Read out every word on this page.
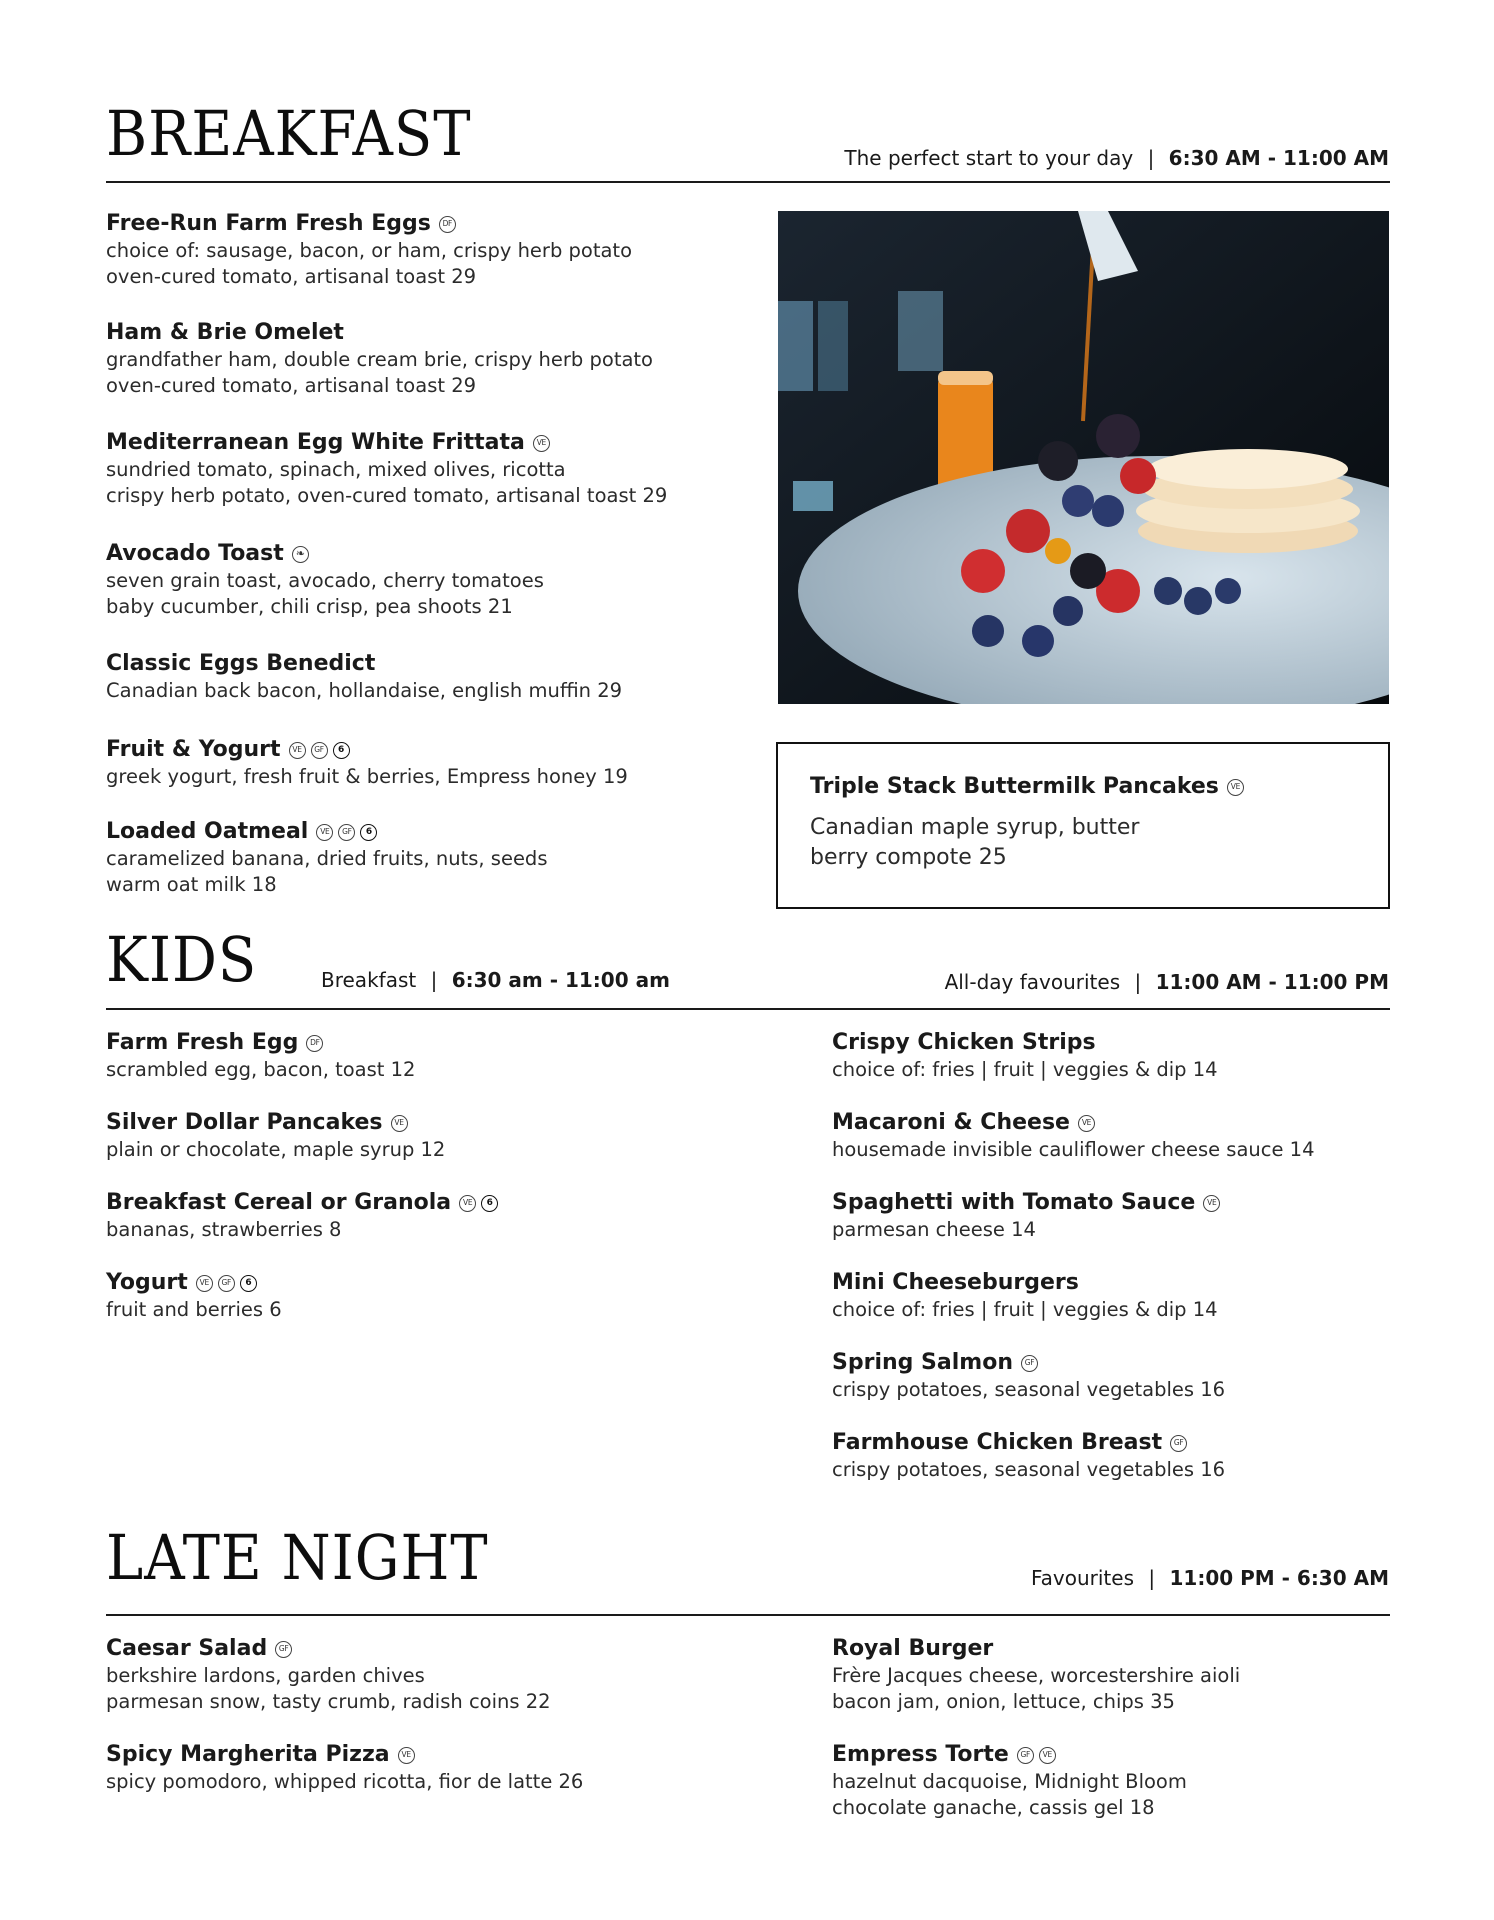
BREAKFAST	The perfect start to your day | 6:30 AM - 11:00 AM
Free-Run Farm Fresh Eggs	DF
choice of: sausage, bacon, or ham, crispy herb potato
oven-cured tomato, artisanal toast 29
Ham & Brie Omelet
grandfather ham, double cream brie, crispy herb potato
oven-cured tomato, artisanal toast 29
Mediterranean Egg White Frittata	VE
sundried tomato, spinach, mixed olives, ricotta
crispy herb potato, oven-cured tomato, artisanal toast 29
Avocado Toast	❧
seven grain toast, avocado, cherry tomatoes
baby cucumber, chili crisp, pea shoots 21
Classic Eggs Benedict
Canadian back bacon, hollandaise, english muffin 29
Fruit & Yogurt	VE	GF	6
greek yogurt, fresh fruit & berries, Empress honey 19
Loaded Oatmeal	VE	GF	6
caramelized banana, dried fruits, nuts, seeds
warm oat milk 18
Triple Stack Buttermilk Pancakes	VE
Canadian maple syrup, butter
berry compote 25
KIDS	Breakfast | 6:30 am - 11:00 am	All-day favourites | 11:00 AM - 11:00 PM
Farm Fresh Egg	DF
scrambled egg, bacon, toast 12
Silver Dollar Pancakes	VE
plain or chocolate, maple syrup 12
Breakfast Cereal or Granola	VE	6
bananas, strawberries 8
Yogurt	VE	GF	6
fruit and berries 6
Crispy Chicken Strips
choice of: fries | fruit | veggies & dip 14
Macaroni & Cheese	VE
housemade invisible cauliflower cheese sauce 14
Spaghetti with Tomato Sauce	VE
parmesan cheese 14
Mini Cheeseburgers
choice of: fries | fruit | veggies & dip 14
Spring Salmon	GF
crispy potatoes, seasonal vegetables 16
Farmhouse Chicken Breast	GF
crispy potatoes, seasonal vegetables 16
LATE NIGHT	Favourites | 11:00 PM - 6:30 AM
Caesar Salad	GF
berkshire lardons, garden chives
parmesan snow, tasty crumb, radish coins 22
Spicy Margherita Pizza	VE
spicy pomodoro, whipped ricotta, fior de latte 26
Royal Burger
Frère Jacques cheese, worcestershire aioli
bacon jam, onion, lettuce, chips 35
Empress Torte	GF	VE
hazelnut dacquoise, Midnight Bloom
chocolate ganache, cassis gel 18
